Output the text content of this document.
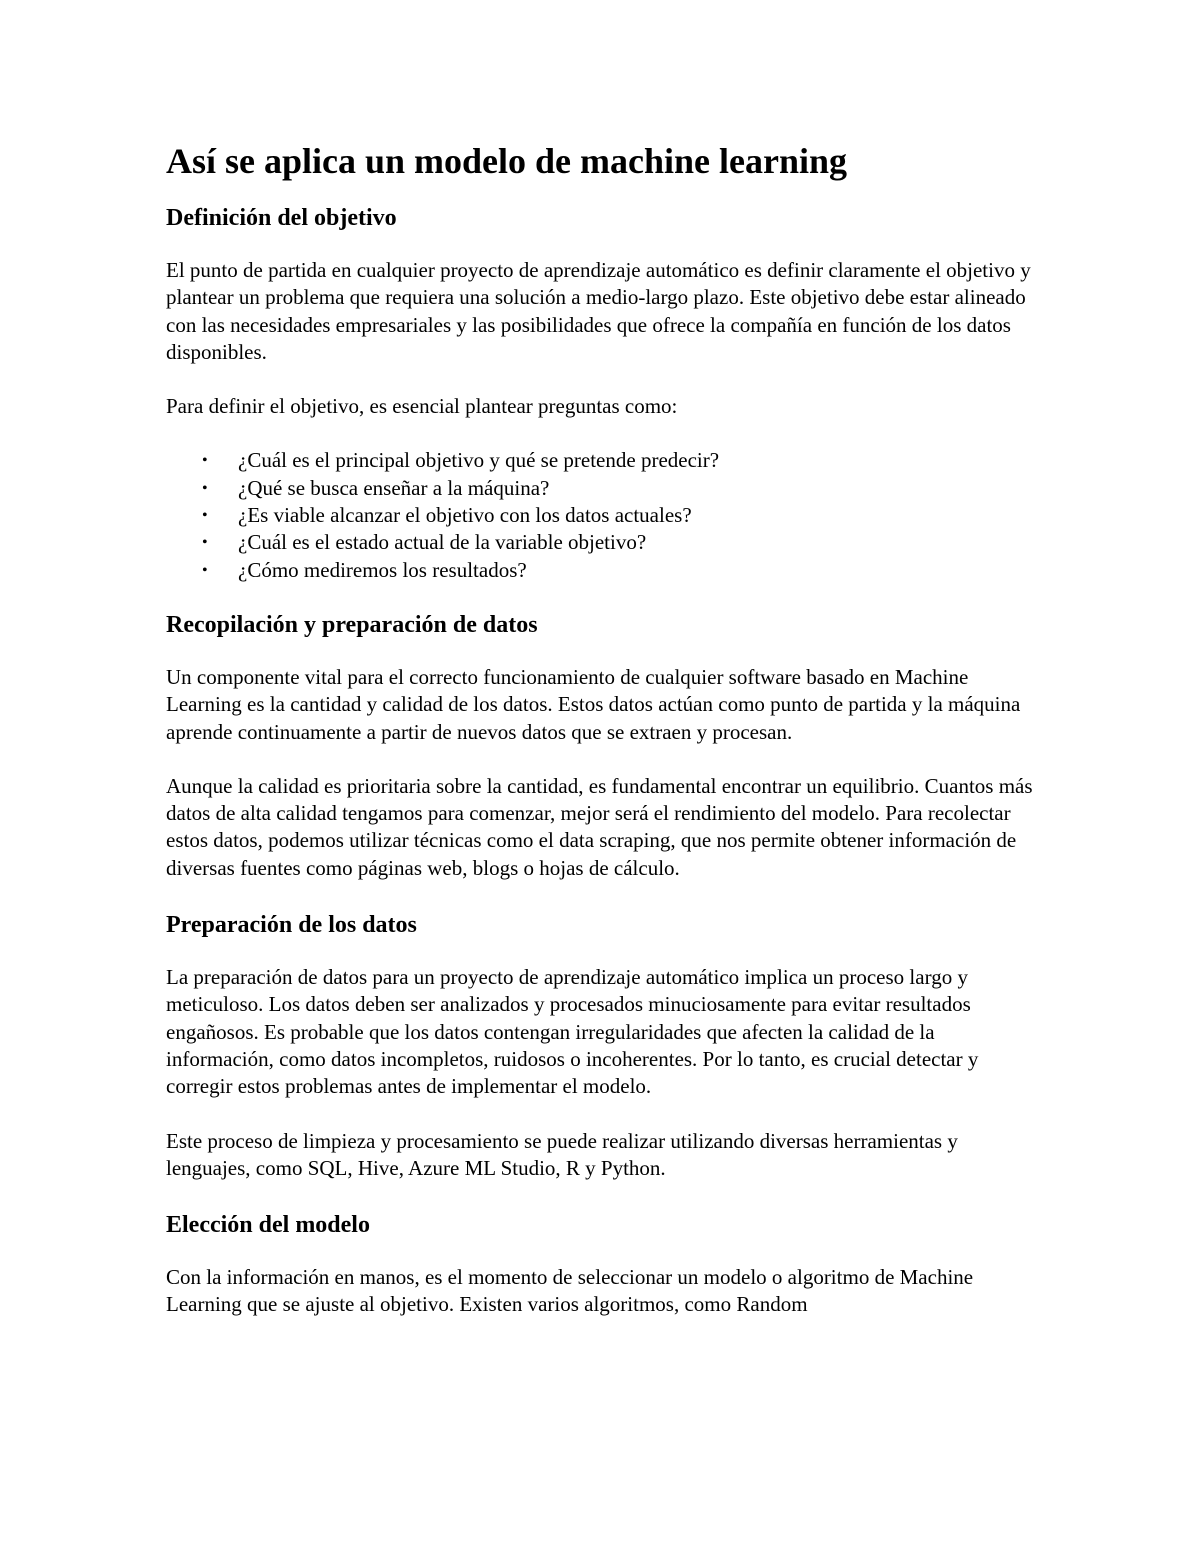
Así se aplica un modelo de machine learning
Definición del objetivo

El punto de partida en cualquier proyecto de aprendizaje automático es definir claramente el objetivo y plantear un problema que requiera una solución a medio-largo plazo. Este objetivo debe estar alineado con las necesidades empresariales y las posibilidades que ofrece la compañía en función de los datos disponibles.

Para definir el objetivo, es esencial plantear preguntas como:

• ¿Cuál es el principal objetivo y qué se pretende predecir?
• ¿Qué se busca enseñar a la máquina?
• ¿Es viable alcanzar el objetivo con los datos actuales?
• ¿Cuál es el estado actual de la variable objetivo?
• ¿Cómo mediremos los resultados?
Recopilación y preparación de datos

Un componente vital para el correcto funcionamiento de cualquier software basado en Machine Learning es la cantidad y calidad de los datos. Estos datos actúan como punto de partida y la máquina aprende continuamente a partir de nuevos datos que se extraen y procesan.

Aunque la calidad es prioritaria sobre la cantidad, es fundamental encontrar un equilibrio. Cuantos más datos de alta calidad tengamos para comenzar, mejor será el rendimiento del modelo. Para recolectar estos datos, podemos utilizar técnicas como el data scraping, que nos permite obtener información de diversas fuentes como páginas web, blogs o hojas de cálculo.

Preparación de los datos

La preparación de datos para un proyecto de aprendizaje automático implica un proceso largo y meticuloso. Los datos deben ser analizados y procesados minuciosamente para evitar resultados engañosos. Es probable que los datos contengan irregularidades que afecten la calidad de la información, como datos incompletos, ruidosos o incoherentes. Por lo tanto, es crucial detectar y corregir estos problemas antes de implementar el modelo.

Este proceso de limpieza y procesamiento se puede realizar utilizando diversas herramientas y lenguajes, como SQL, Hive, Azure ML Studio, R y Python.

Elección del modelo

Con la información en manos, es el momento de seleccionar un modelo o algoritmo de Machine Learning que se ajuste al objetivo. Existen varios algoritmos, como Random
